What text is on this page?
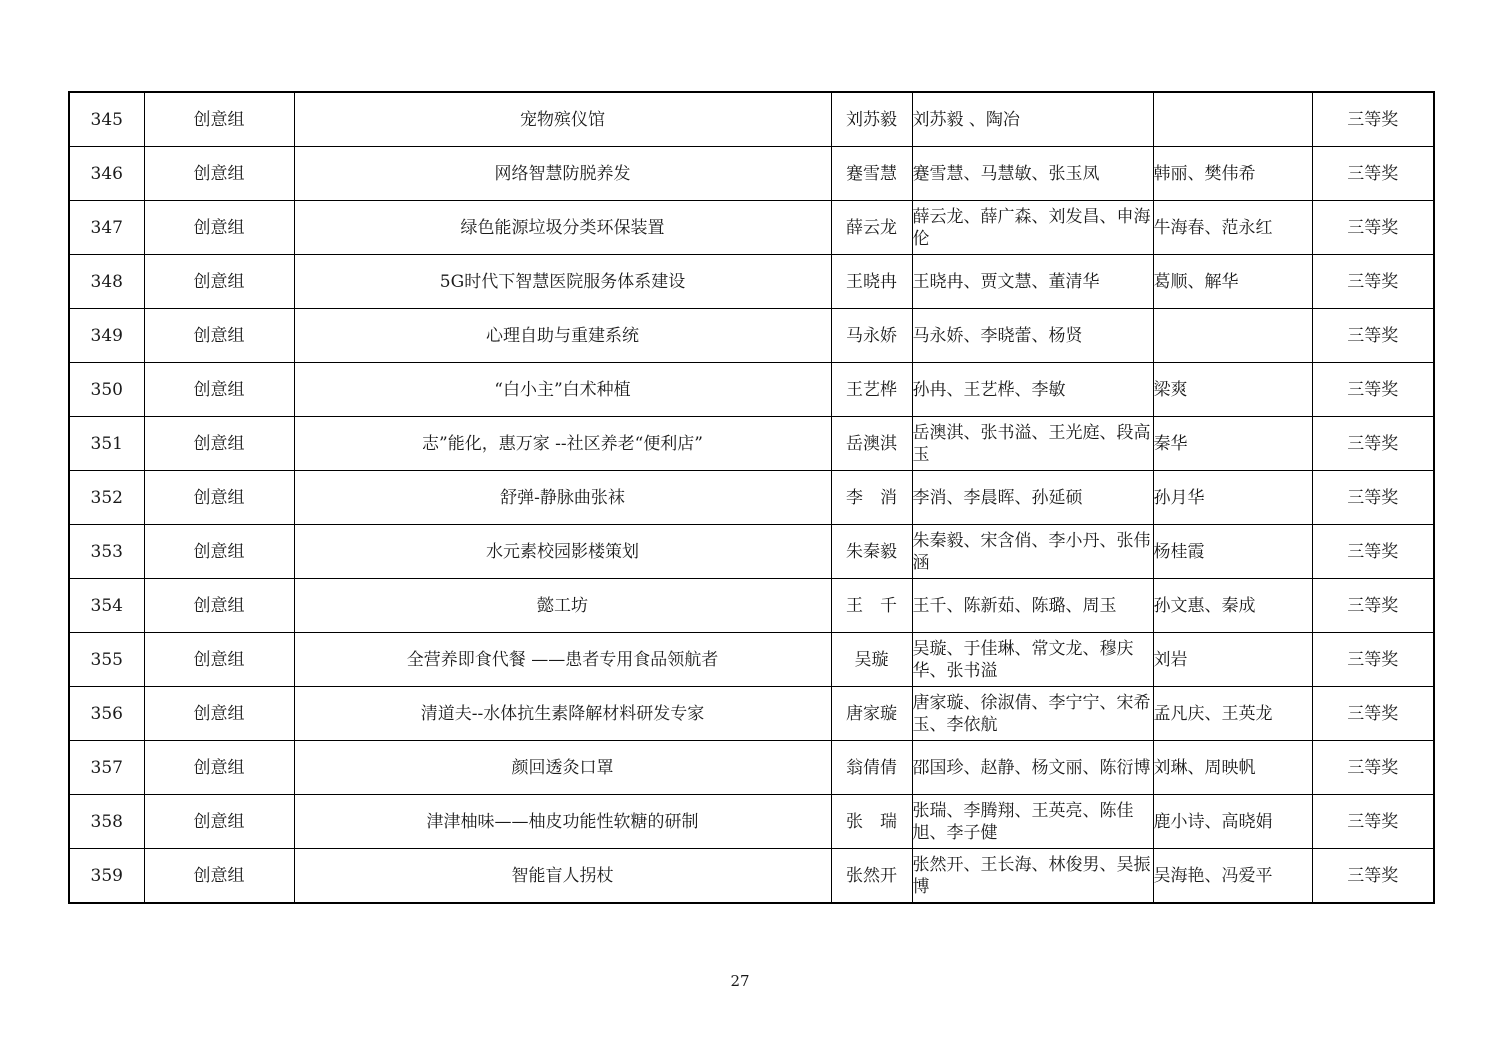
345	创意组	宠物殡仪馆	刘苏毅	刘苏毅 、陶冶		三等奖
346	创意组	网络智慧防脱养发	蹇雪慧	蹇雪慧、马慧敏、张玉凤	韩丽、樊伟希	三等奖
347	创意组	绿色能源垃圾分类环保装置	薛云龙	薛云龙、薛广森、刘发昌、申海伦	牛海春、范永红	三等奖
348	创意组	5G时代下智慧医院服务体系建设	王晓冉	王晓冉、贾文慧、董清华	葛顺、解华	三等奖
349	创意组	心理自助与重建系统	马永娇	马永娇、李晓蕾、杨贤		三等奖
350	创意组	“白小主”白术种植	王艺桦	孙冉、王艺桦、李敏	梁爽	三等奖
351	创意组	志”能化，惠万家 --社区养老“便利店”	岳澳淇	岳澳淇、张书溢、王光庭、段高玉	秦华	三等奖
352	创意组	舒弹-静脉曲张袜	李　消	李消、李晨晖、孙延硕	孙月华	三等奖
353	创意组	水元素校园影楼策划	朱秦毅	朱秦毅、宋含俏、李小丹、张伟涵	杨桂霞	三等奖
354	创意组	懿工坊	王　千	王千、陈新茹、陈璐、周玉	孙文惠、秦成	三等奖
355	创意组	全营养即食代餐 ——患者专用食品领航者	吴璇	吴璇、于佳琳、常文龙、穆庆华、张书溢	刘岩	三等奖
356	创意组	清道夫--水体抗生素降解材料研发专家	唐家璇	唐家璇、徐淑倩、李宁宁、宋希玉、李依航	孟凡庆、王英龙	三等奖
357	创意组	颜回透灸口罩	翁倩倩	邵国珍、赵静、杨文丽、陈衍博	刘琳、周映帆	三等奖
358	创意组	津津柚味——柚皮功能性软糖的研制	张　瑞	张瑞、李腾翔、王英亮、陈佳旭、李子健	鹿小诗、高晓娟	三等奖
359	创意组	智能盲人拐杖	张然开	张然开、王长海、林俊男、吴振博	吴海艳、冯爱平	三等奖
27
